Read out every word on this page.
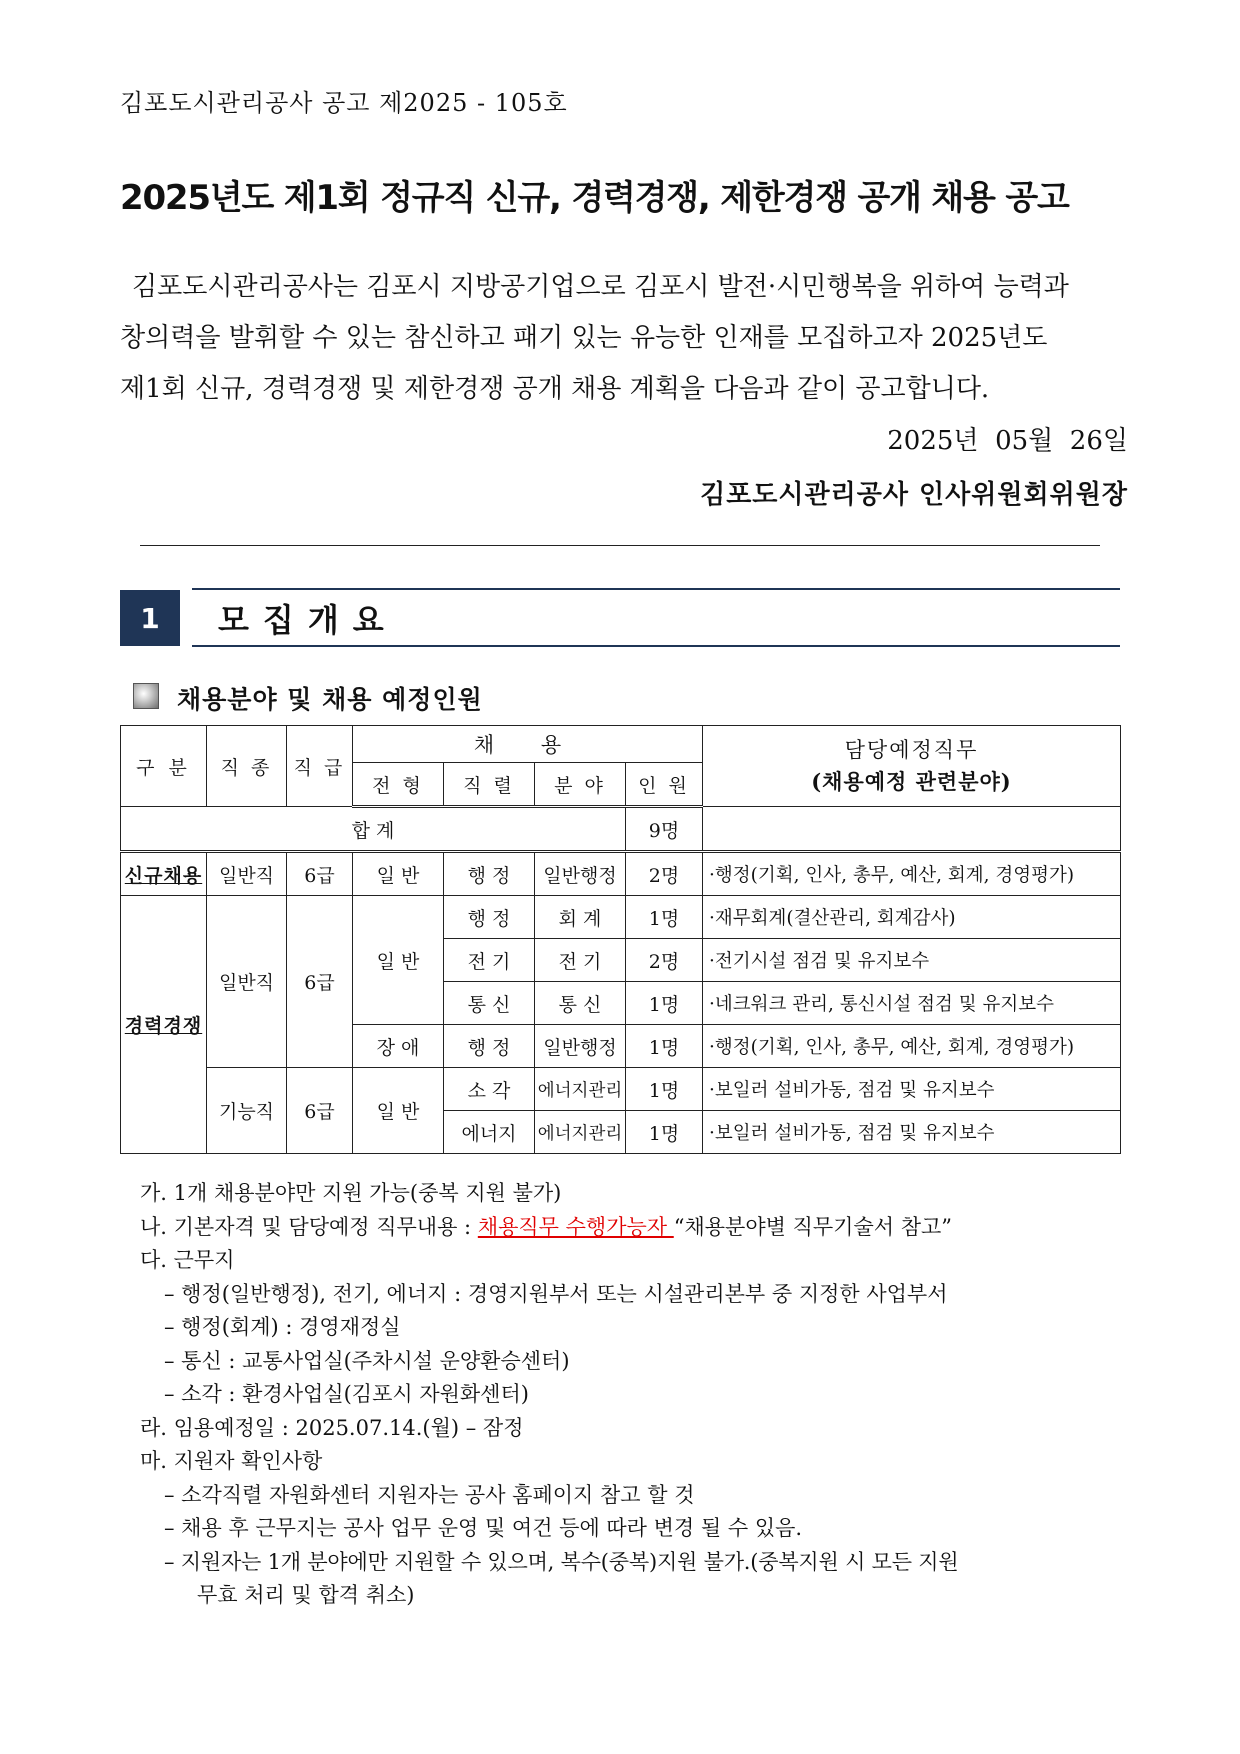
김포도시관리공사 공고 제2025 - 105호
2025년도 제1회 정규직 신규, 경력경쟁, 제한경쟁 공개 채용 공고
김포도시관리공사는 김포시 지방공기업으로 김포시 발전·시민행복을 위하여 능력과
창의력을 발휘할 수 있는 참신하고 패기 있는 유능한 인재를 모집하고자 2025년도
제1회 신규, 경력경쟁 및 제한경쟁 공개 채용 계획을 다음과 같이 공고합니다.
2025년  05월  26일
김포도시관리공사 인사위원회위원장
1	모집개요
채용분야 및 채용 예정인원
구 분	직 종	직 급	채 용				담당예정직무
(채용예정 관련분야)

			전 형	직 렬	분 야	인 원	
합 계						9명	
신규채용	일반직	6급	일 반	행 정	일반행정	2명	·행정(기획, 인사, 총무, 예산, 회계, 경영평가)
경력경쟁	일반직	6급	일 반	행 정	회 계	1명	·재무회계(결산관리, 회계감사)
				전 기	전 기	2명	·전기시설 점검 및 유지보수
				통 신	통 신	1명	·네크워크 관리, 통신시설 점검 및 유지보수
			장 애	행 정	일반행정	1명	·행정(기획, 인사, 총무, 예산, 회계, 경영평가)
	기능직	6급	일 반	소 각	에너지관리	1명	·보일러 설비가동, 점검 및 유지보수
				에너지	에너지관리	1명	·보일러 설비가동, 점검 및 유지보수
가. 1개 채용분야만 지원 가능(중복 지원 불가)
나. 기본자격 및 담당예정 직무내용 : 채용직무 수행가능자 “채용분야별 직무기술서 참고”
다. 근무지
– 행정(일반행정), 전기, 에너지 : 경영지원부서 또는 시설관리본부 중 지정한 사업부서
– 행정(회계) : 경영재정실
– 통신 : 교통사업실(주차시설 운양환승센터)
– 소각 : 환경사업실(김포시 자원화센터)
라. 임용예정일 : 2025.07.14.(월) – 잠정
마. 지원자 확인사항
– 소각직렬 자원화센터 지원자는 공사 홈페이지 참고 할 것
– 채용 후 근무지는 공사 업무 운영 및 여건 등에 따라 변경 될 수 있음.
– 지원자는 1개 분야에만 지원할 수 있으며, 복수(중복)지원 불가.(중복지원 시 모든 지원
무효 처리 및 합격 취소)
